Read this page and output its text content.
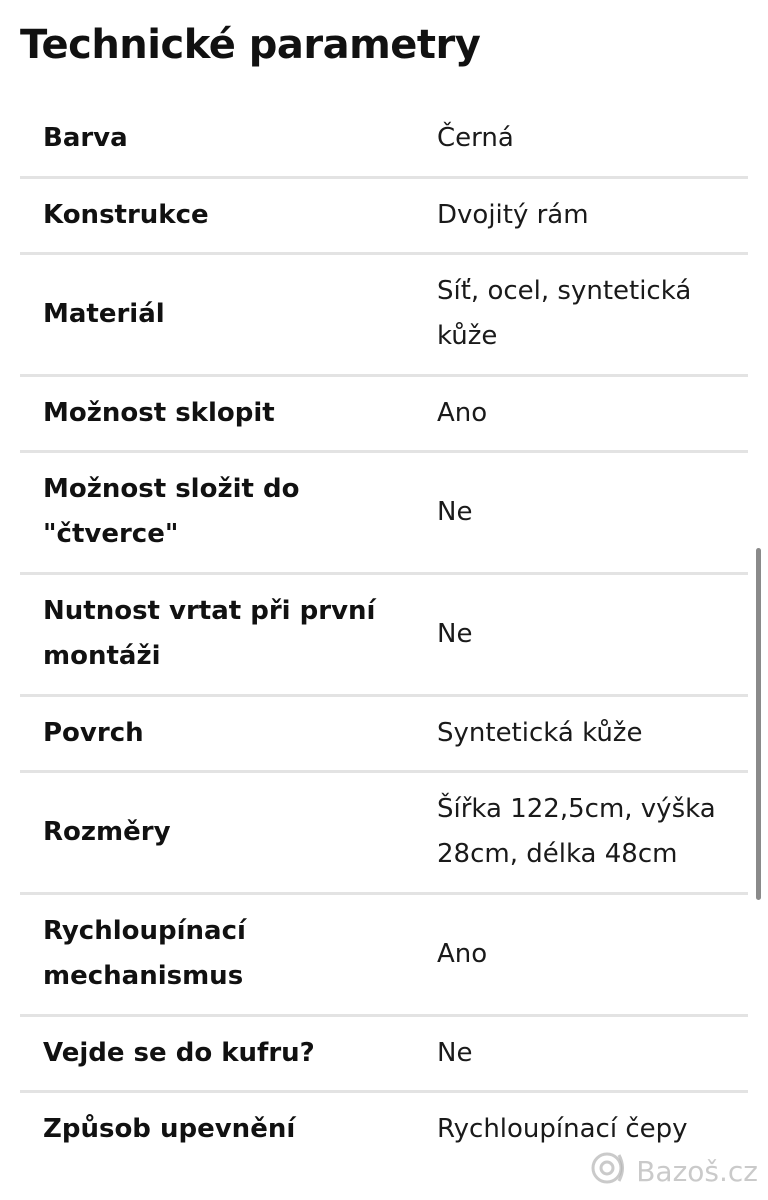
Technické parametry
Barva	Černá
Konstrukce	Dvojitý rám
Materiál	Síť, ocel, syntetická kůže
Možnost sklopit	Ano
Možnost složit do "čtverce"	Ne
Nutnost vrtat při první montáži	Ne
Povrch	Syntetická kůže
Rozměry	Šířka 122,5cm, výška 28cm, délka 48cm
Rychloupínací mechanismus	Ano
Vejde se do kufru?	Ne
Způsob upevnění	Rychloupínací čepy
Bazoš.cz
